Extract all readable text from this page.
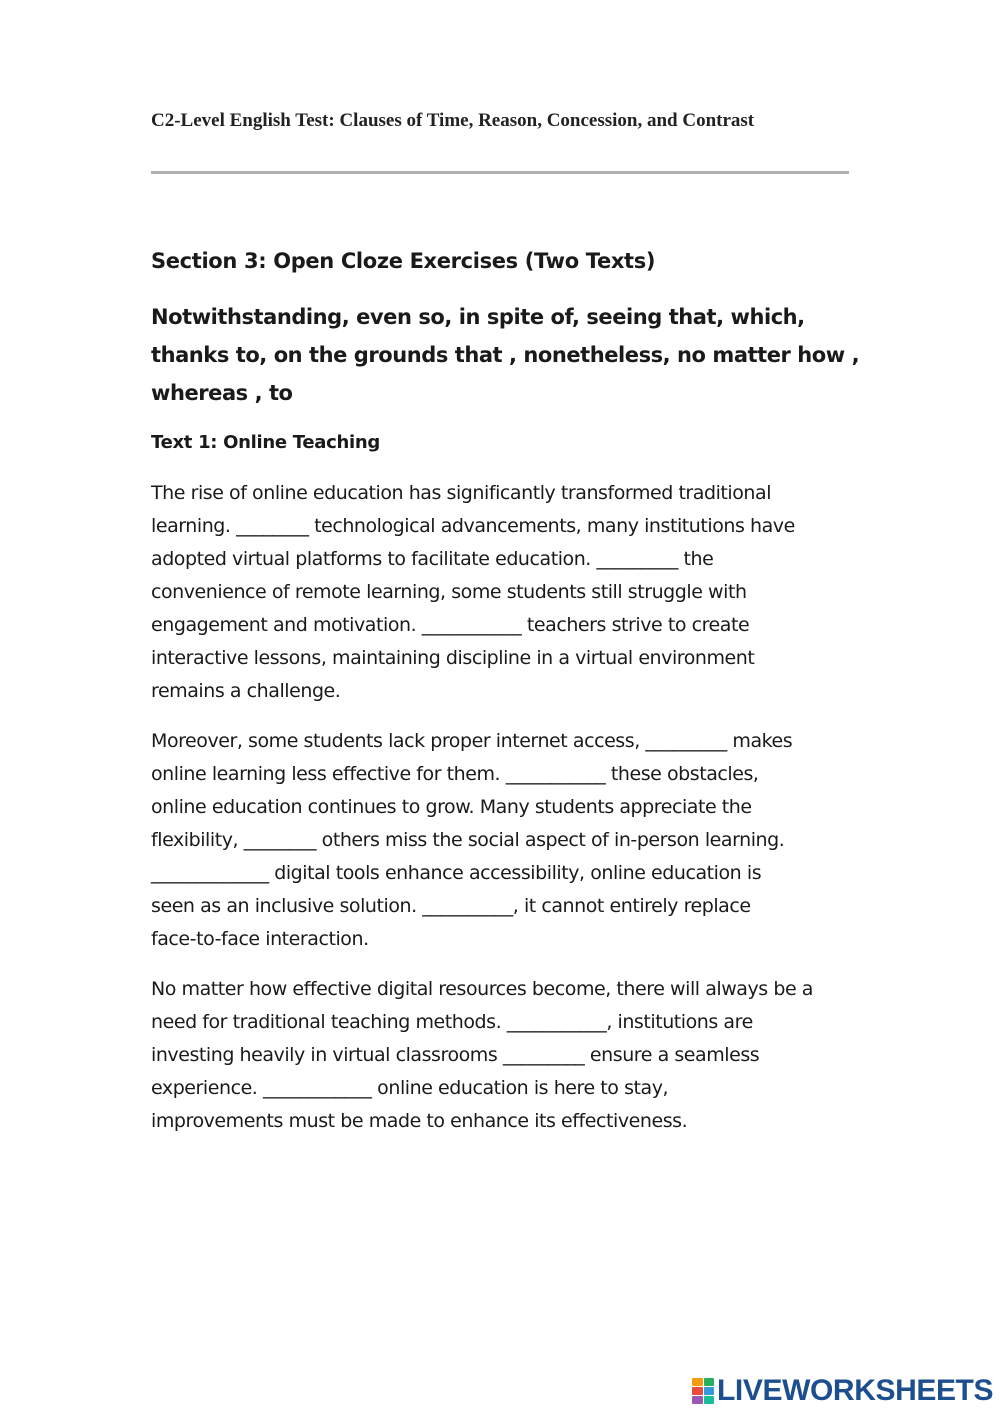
C2-Level English Test: Clauses of Time, Reason, Concession, and Contrast
Section 3: Open Cloze Exercises (Two Texts)
Notwithstanding, even so, in spite of, seeing that, which,
thanks to, on the grounds that , nonetheless, no matter how ,
whereas , to
Text 1: Online Teaching
The rise of online education has significantly transformed traditional
learning. ________ technological advancements, many institutions have
adopted virtual platforms to facilitate education. _________ the
convenience of remote learning, some students still struggle with
engagement and motivation. ___________ teachers strive to create
interactive lessons, maintaining discipline in a virtual environment
remains a challenge.
Moreover, some students lack proper internet access, _________ makes
online learning less effective for them. ___________ these obstacles,
online education continues to grow. Many students appreciate the
flexibility, ________ others miss the social aspect of in-person learning.
_____________ digital tools enhance accessibility, online education is
seen as an inclusive solution. __________, it cannot entirely replace
face-to-face interaction.
No matter how effective digital resources become, there will always be a
need for traditional teaching methods. ___________, institutions are
investing heavily in virtual classrooms _________ ensure a seamless
experience. ____________ online education is here to stay,
improvements must be made to enhance its effectiveness.
LIVEWORKSHEETS
